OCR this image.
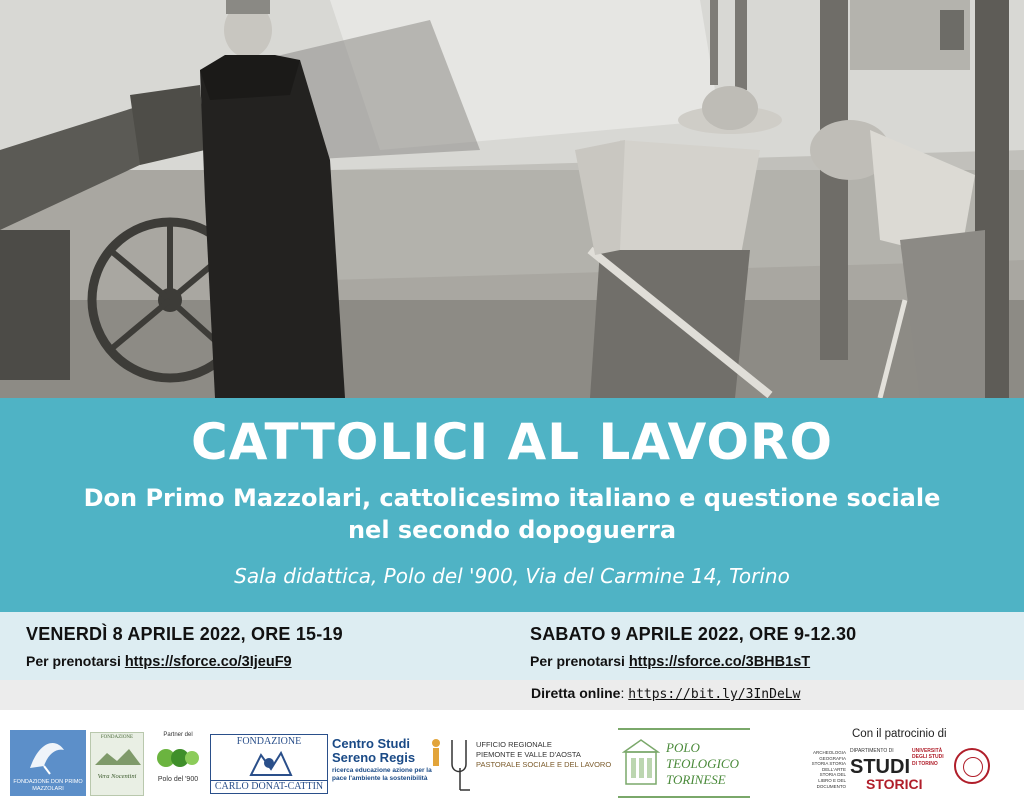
CATTOLICI AL LAVORO
Don Primo Mazzolari, cattolicesimo italiano e questione sociale
nel secondo dopoguerra
Sala didattica, Polo del '900, Via del Carmine 14, Torino
VENERDÌ 8 APRILE 2022, ORE 15-19
Per prenotarsi https://sforce.co/3IjeuF9
SABATO 9 APRILE 2022, ORE 9-12.30
Per prenotarsi https://sforce.co/3BHB1sT
Diretta online: https://bit.ly/3InDeLw
FONDAZIONE DON PRIMO MAZZOLARI
FONDAZIONE
Vera Nocentini
Partner del
Polo del '900
FONDAZIONE
CARLO DONAT-CATTIN
Centro Studi
Sereno Regis
ricerca educazione azione per la pace l'ambiente la sostenibilità
UFFICIO REGIONALE
PIEMONTE E VALLE D'AOSTA
PASTORALE SOCIALE E DEL LAVORO
POLO
TEOLOGICO
TORINESE
Con il patrocinio di
ARCHEOLOGIA GEOGRAFIA STORIA STORIA DELL'ARTE STORIA DEL LIBRO E DEL DOCUMENTO
DIPARTIMENTO DI
STUDI
STORICI
UNIVERSITÀ DEGLI STUDI DI TORINO
